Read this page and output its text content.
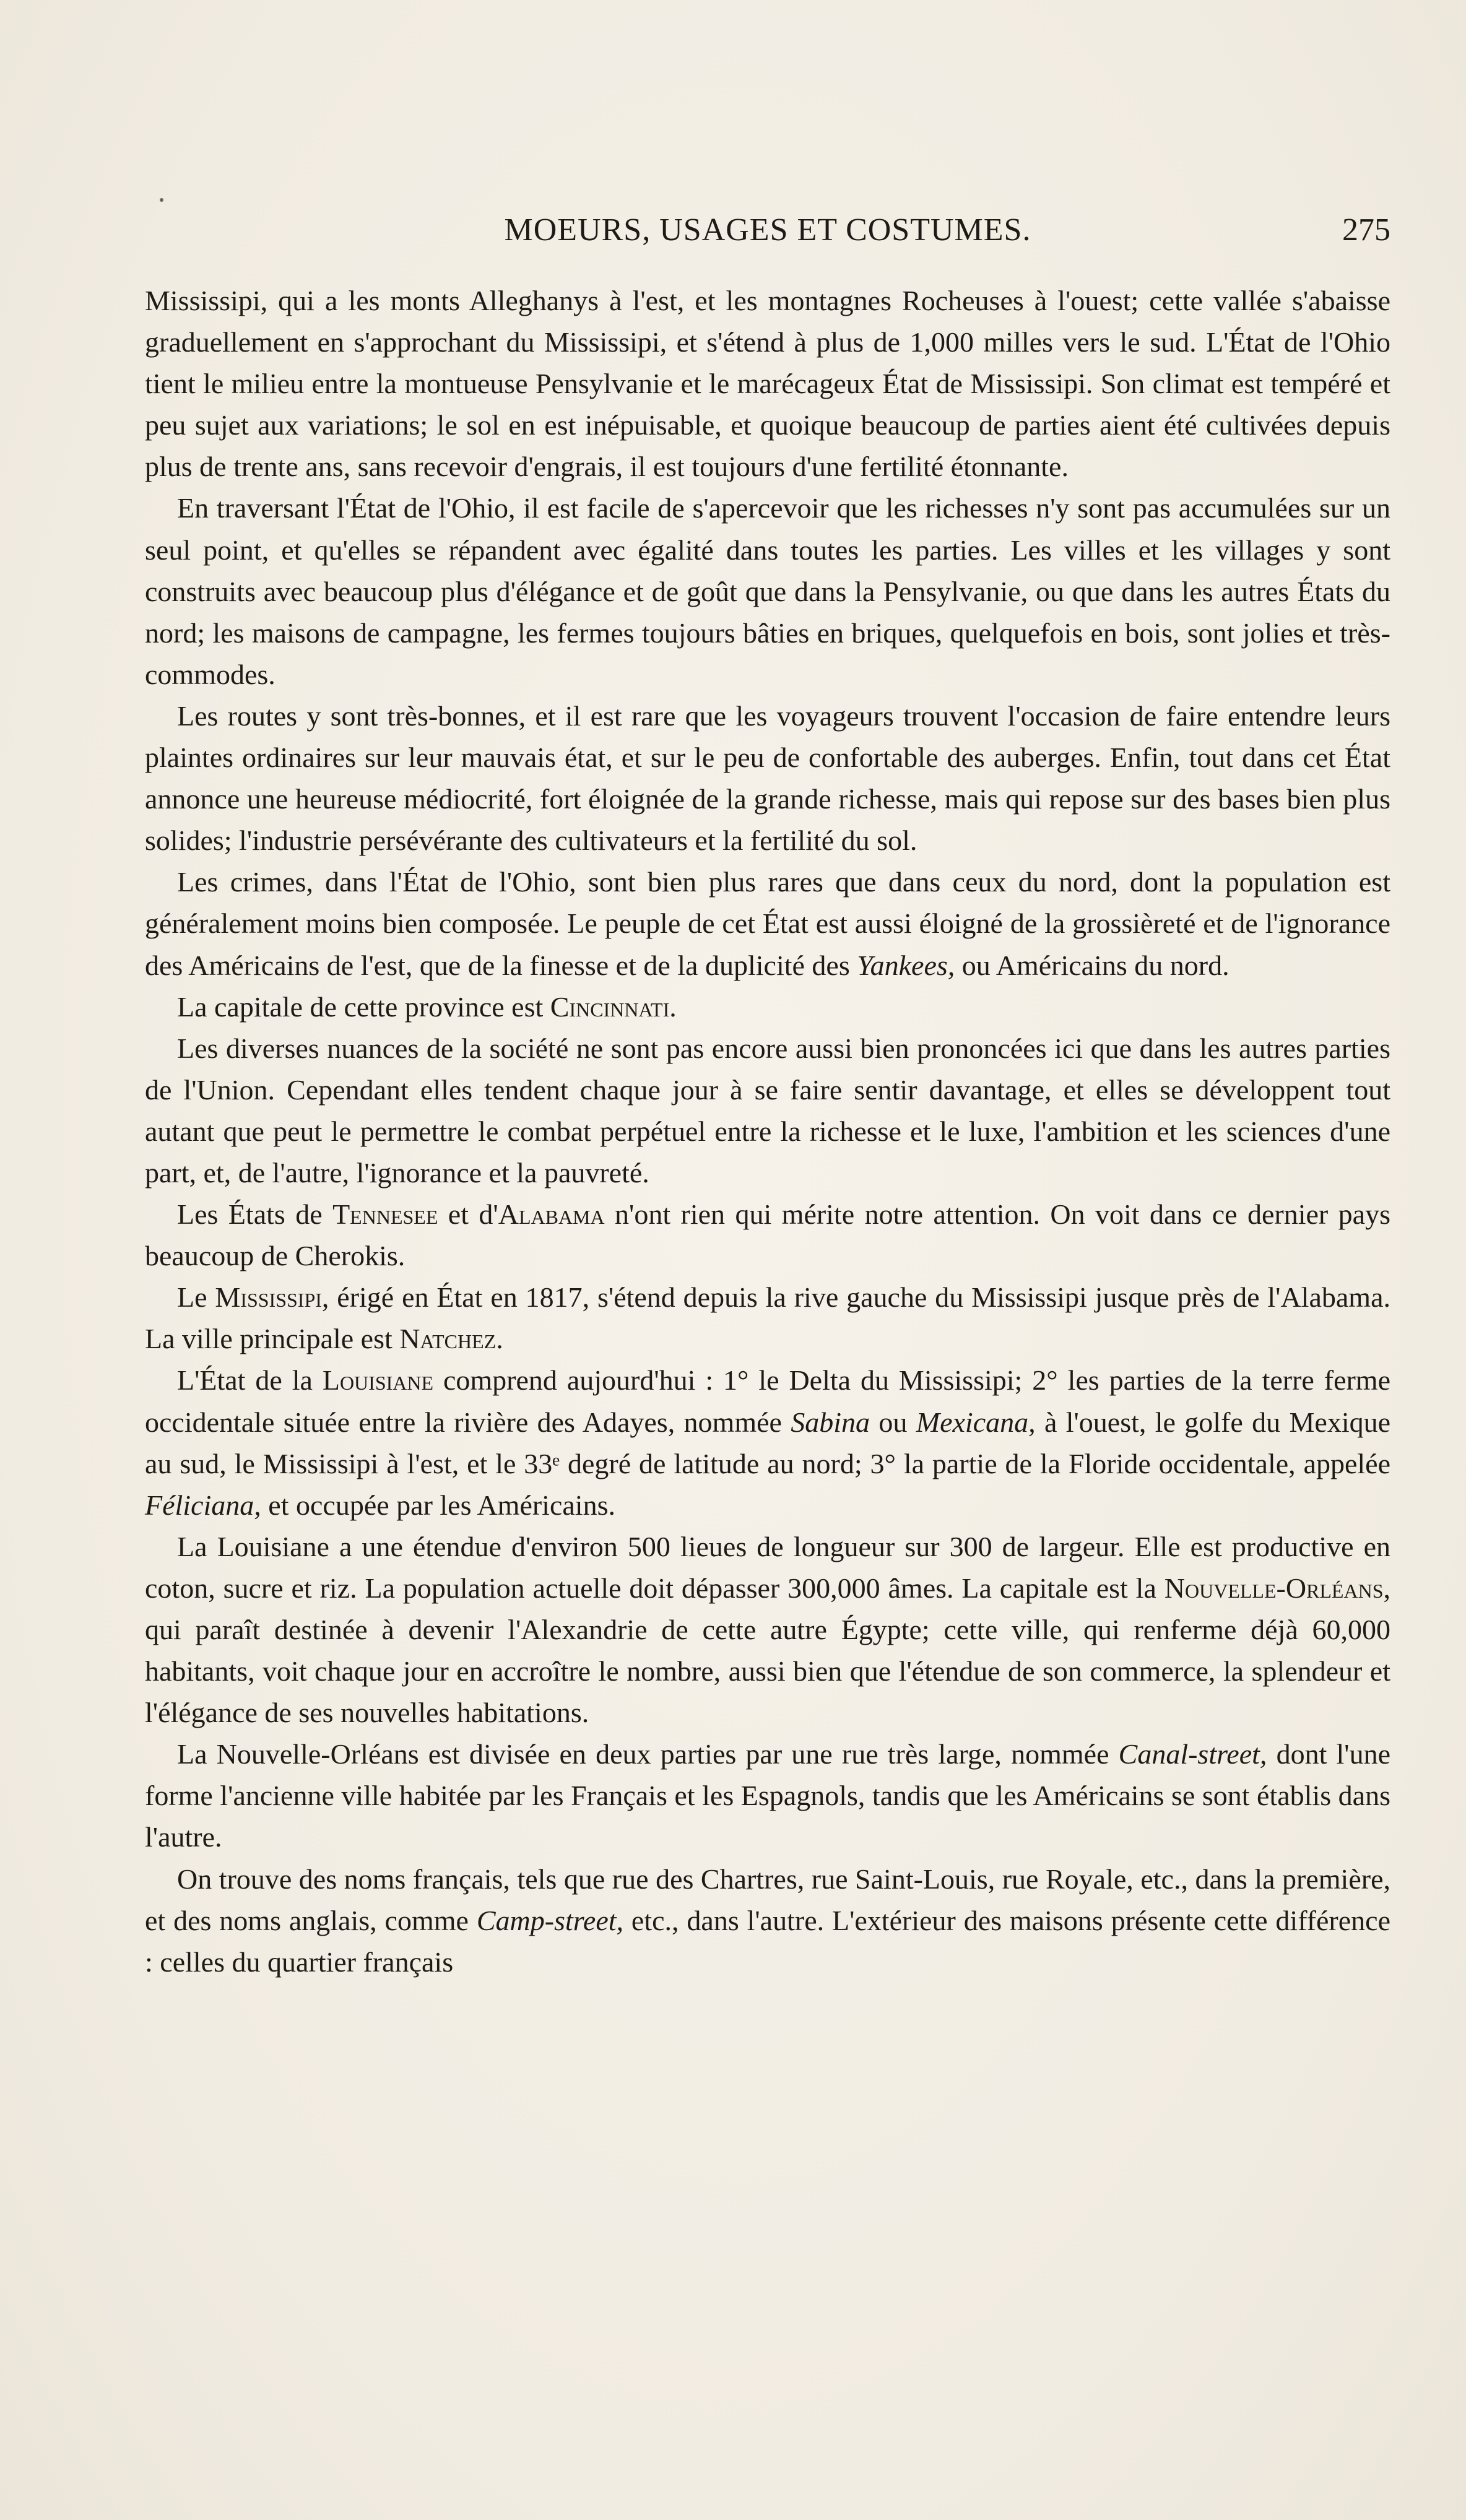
MOEURS, USAGES ET COSTUMES.	275

Mississipi, qui a les monts Alleghanys à l'est, et les montagnes Rocheuses à l'ouest; cette vallée s'abaisse graduellement en s'approchant du Mississipi, et s'étend à plus de 1,000 milles vers le sud. L'État de l'Ohio tient le milieu entre la montueuse Pensylvanie et le marécageux État de Mississipi. Son climat est tempéré et peu sujet aux variations; le sol en est inépuisable, et quoique beaucoup de parties aient été cultivées depuis plus de trente ans, sans recevoir d'engrais, il est toujours d'une fertilité étonnante.

En traversant l'État de l'Ohio, il est facile de s'apercevoir que les richesses n'y sont pas accumulées sur un seul point, et qu'elles se répandent avec égalité dans toutes les parties. Les villes et les villages y sont construits avec beaucoup plus d'élégance et de goût que dans la Pensylvanie, ou que dans les autres États du nord; les maisons de campagne, les fermes toujours bâties en briques, quelquefois en bois, sont jolies et très-commodes.

Les routes y sont très-bonnes, et il est rare que les voyageurs trouvent l'occasion de faire entendre leurs plaintes ordinaires sur leur mauvais état, et sur le peu de confortable des auberges. Enfin, tout dans cet État annonce une heureuse médiocrité, fort éloignée de la grande richesse, mais qui repose sur des bases bien plus solides; l'industrie persévérante des cultivateurs et la fertilité du sol.

Les crimes, dans l'État de l'Ohio, sont bien plus rares que dans ceux du nord, dont la population est généralement moins bien composée. Le peuple de cet État est aussi éloigné de la grossièreté et de l'ignorance des Américains de l'est, que de la finesse et de la duplicité des Yankees, ou Américains du nord.

La capitale de cette province est Cincinnati.

Les diverses nuances de la société ne sont pas encore aussi bien prononcées ici que dans les autres parties de l'Union. Cependant elles tendent chaque jour à se faire sentir davantage, et elles se développent tout autant que peut le permettre le combat perpétuel entre la richesse et le luxe, l'ambition et les sciences d'une part, et, de l'autre, l'ignorance et la pauvreté.

Les États de Tennesee et d'Alabama n'ont rien qui mérite notre attention. On voit dans ce dernier pays beaucoup de Cherokis.

Le Mississipi, érigé en État en 1817, s'étend depuis la rive gauche du Mississipi jusque près de l'Alabama. La ville principale est Natchez.

L'État de la Louisiane comprend aujourd'hui : 1° le Delta du Mississipi; 2° les parties de la terre ferme occidentale située entre la rivière des Adayes, nommée Sabina ou Mexicana, à l'ouest, le golfe du Mexique au sud, le Mississipi à l'est, et le 33ᵉ degré de latitude au nord; 3° la partie de la Floride occidentale, appelée Féliciana, et occupée par les Américains.

La Louisiane a une étendue d'environ 500 lieues de longueur sur 300 de largeur. Elle est productive en coton, sucre et riz. La population actuelle doit dépasser 300,000 âmes. La capitale est la Nouvelle-Orléans, qui paraît destinée à devenir l'Alexandrie de cette autre Égypte; cette ville, qui renferme déjà 60,000 habitants, voit chaque jour en accroître le nombre, aussi bien que l'étendue de son commerce, la splendeur et l'élégance de ses nouvelles habitations.

La Nouvelle-Orléans est divisée en deux parties par une rue très large, nommée Canal-street, dont l'une forme l'ancienne ville habitée par les Français et les Espagnols, tandis que les Américains se sont établis dans l'autre.

On trouve des noms français, tels que rue des Chartres, rue Saint-Louis, rue Royale, etc., dans la première, et des noms anglais, comme Camp-street, etc., dans l'autre. L'extérieur des maisons présente cette différence : celles du quartier français
